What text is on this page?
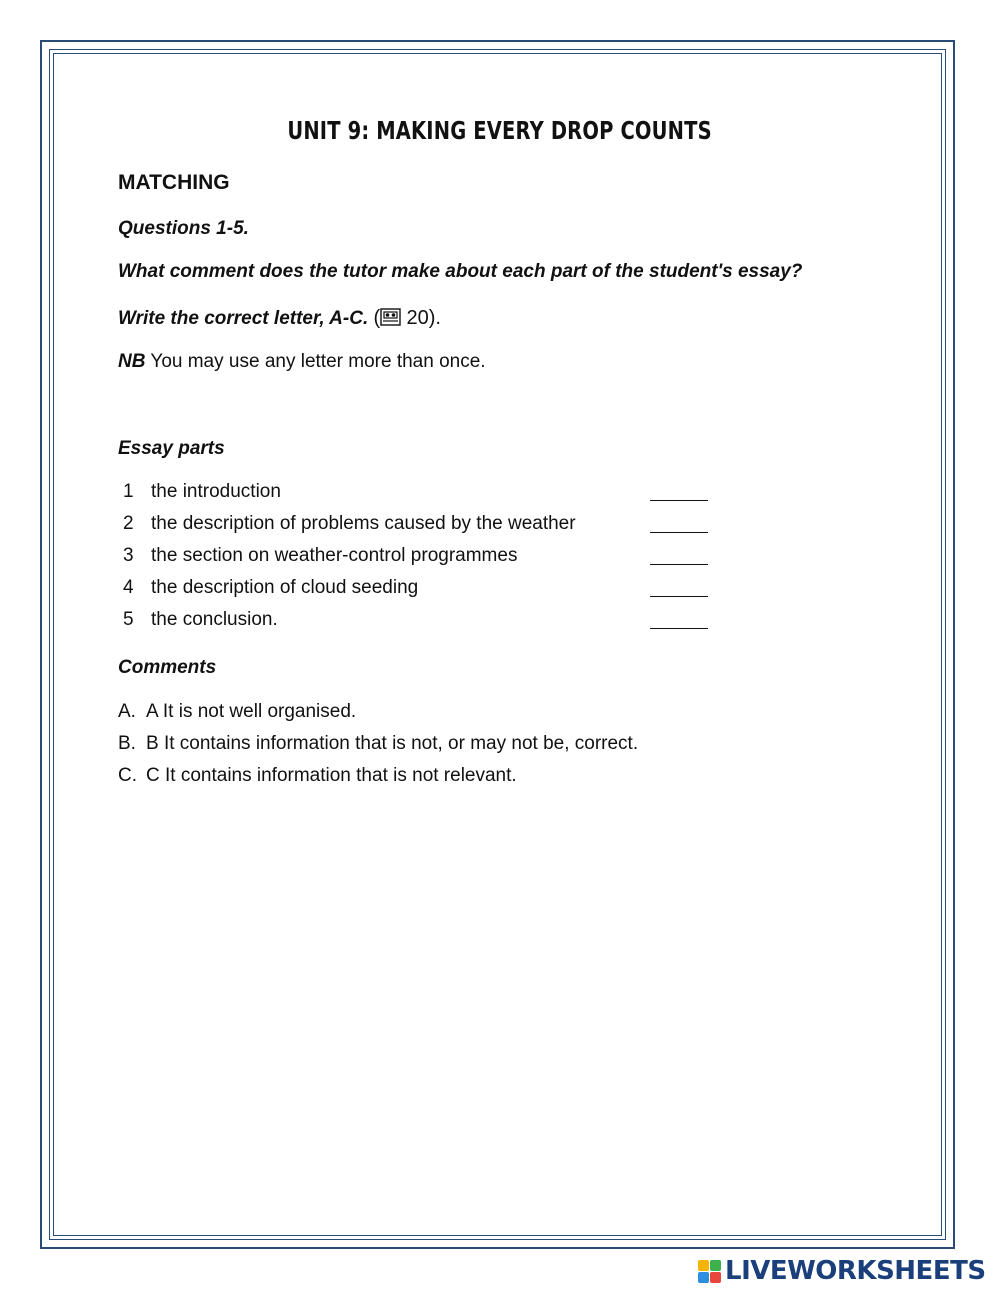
UNIT 9: MAKING EVERY DROP COUNTS
MATCHING
Questions 1-5.
What comment does the tutor make about each part of the student's essay?
Write the correct letter, A-C. ( 20).
NB You may use any letter more than once.
Essay parts
1 the introduction
2 the description of problems caused by the weather
3 the section on weather-control programmes
4 the description of cloud seeding
5 the conclusion.
Comments
A. A It is not well organised.
B. B It contains information that is not, or may not be, correct.
C. C It contains information that is not relevant.
LIVEWORKSHEETS
